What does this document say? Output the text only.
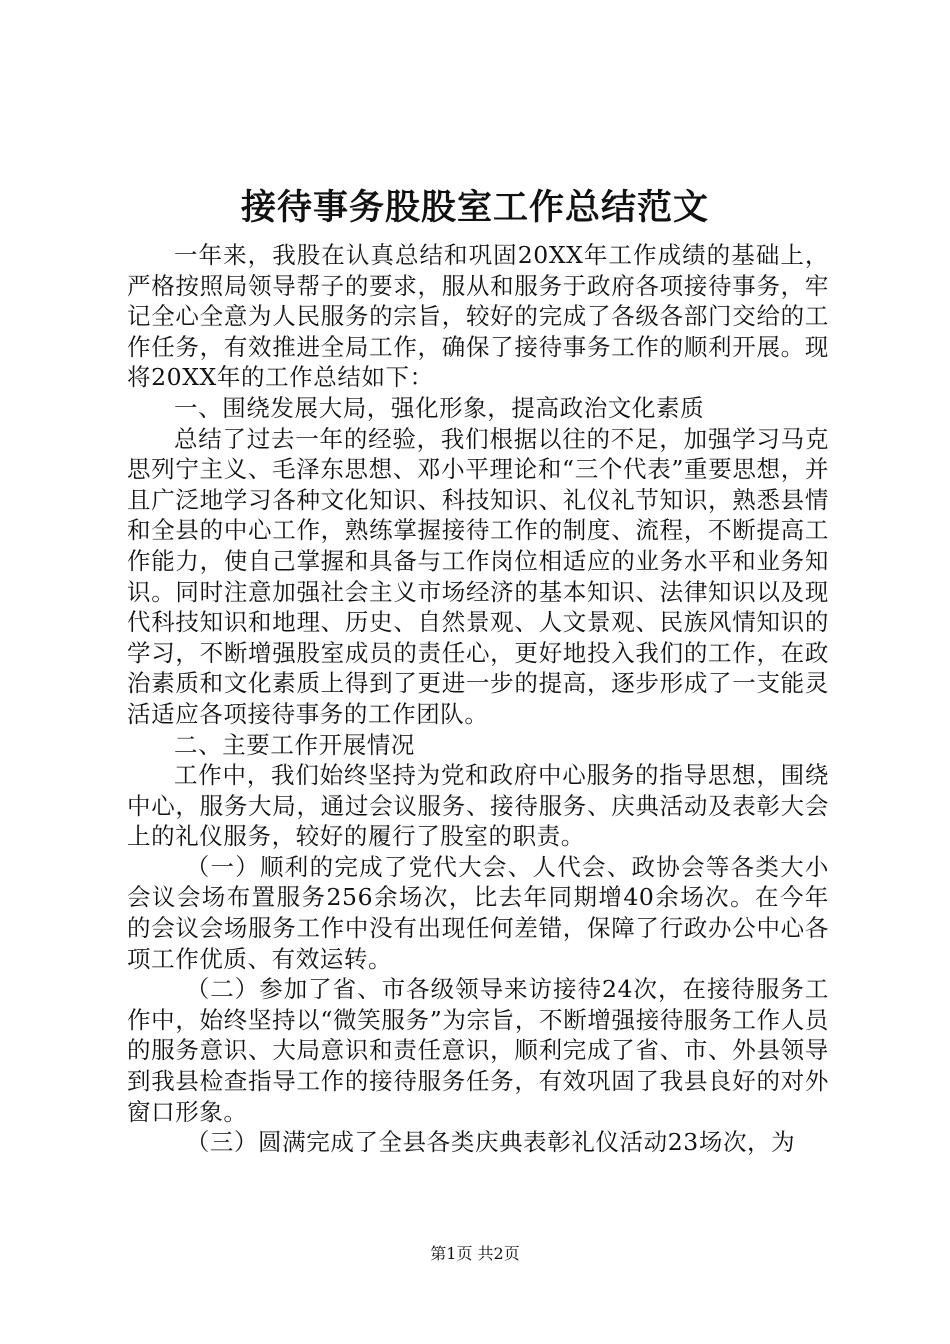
接待事务股股室工作总结范文

一年来，我股在认真总结和巩固20XX年工作成绩的基础上，严格按照局领导帮子的要求，服从和服务于政府各项接待事务，牢记全心全意为人民服务的宗旨，较好的完成了各级各部门交给的工作任务，有效推进全局工作，确保了接待事务工作的顺利开展。现将20XX年的工作总结如下：

一、围绕发展大局，强化形象，提高政治文化素质

总结了过去一年的经验，我们根据以往的不足，加强学习马克思列宁主义、毛泽东思想、邓小平理论和“三个代表”重要思想，并且广泛地学习各种文化知识、科技知识、礼仪礼节知识，熟悉县情和全县的中心工作，熟练掌握接待工作的制度、流程，不断提高工作能力，使自己掌握和具备与工作岗位相适应的业务水平和业务知识。同时注意加强社会主义市场经济的基本知识、法律知识以及现代科技知识和地理、历史、自然景观、人文景观、民族风情知识的学习，不断增强股室成员的责任心，更好地投入我们的工作，在政治素质和文化素质上得到了更进一步的提高，逐步形成了一支能灵活适应各项接待事务的工作团队。

二、主要工作开展情况

工作中，我们始终坚持为党和政府中心服务的指导思想，围绕中心，服务大局，通过会议服务、接待服务、庆典活动及表彰大会上的礼仪服务，较好的履行了股室的职责。

（一）顺利的完成了党代大会、人代会、政协会等各类大小会议会场布置服务256余场次，比去年同期增40余场次。在今年的会议会场服务工作中没有出现任何差错，保障了行政办公中心各项工作优质、有效运转。

（二）参加了省、市各级领导来访接待24次，在接待服务工作中，始终坚持以“微笑服务”为宗旨，不断增强接待服务工作人员的服务意识、大局意识和责任意识，顺利完成了省、市、外县领导到我县检查指导工作的接待服务任务，有效巩固了我县良好的对外窗口形象。

（三）圆满完成了全县各类庆典表彰礼仪活动23场次，为

第1页 共2页
